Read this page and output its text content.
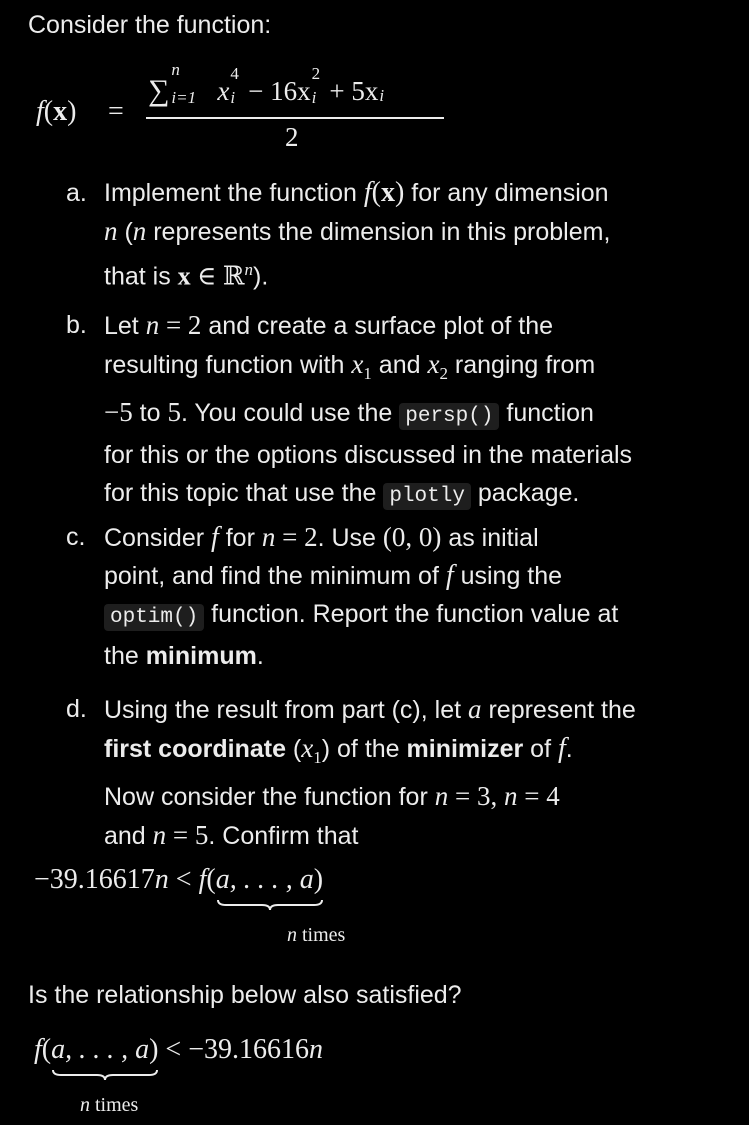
Consider the function:
f(x) =
∑
n
i=1 x
4
i − 16x
2
i + 5x i
2
a. Implement the function f(x) for any dimension
n (n represents the dimension in this problem,
that is x ∈ ℝ$^n$).
b. Let n = 2 and create a surface plot of the
resulting function with $x_1$ and $x_2$ ranging from
−5 to 5. You could use the persp() function
for this or the options discussed in the materials
for this topic that use the plotly package.
c. Consider f for n = 2. Use (0, 0) as initial
point, and find the minimum of f using the
optim() function. Report the function value at
the minimum.
d. Using the result from part (c), let a represent the
first coordinate $(x_1)$ of the minimizer of f.
Now consider the function for n = 3, n = 4
and n = 5. Confirm that
−39.16617n < f(a, . . . , a
)
n times
Is the relationship below also satisfied?
f(a, . . . , a
) < −39.16616n
n times
